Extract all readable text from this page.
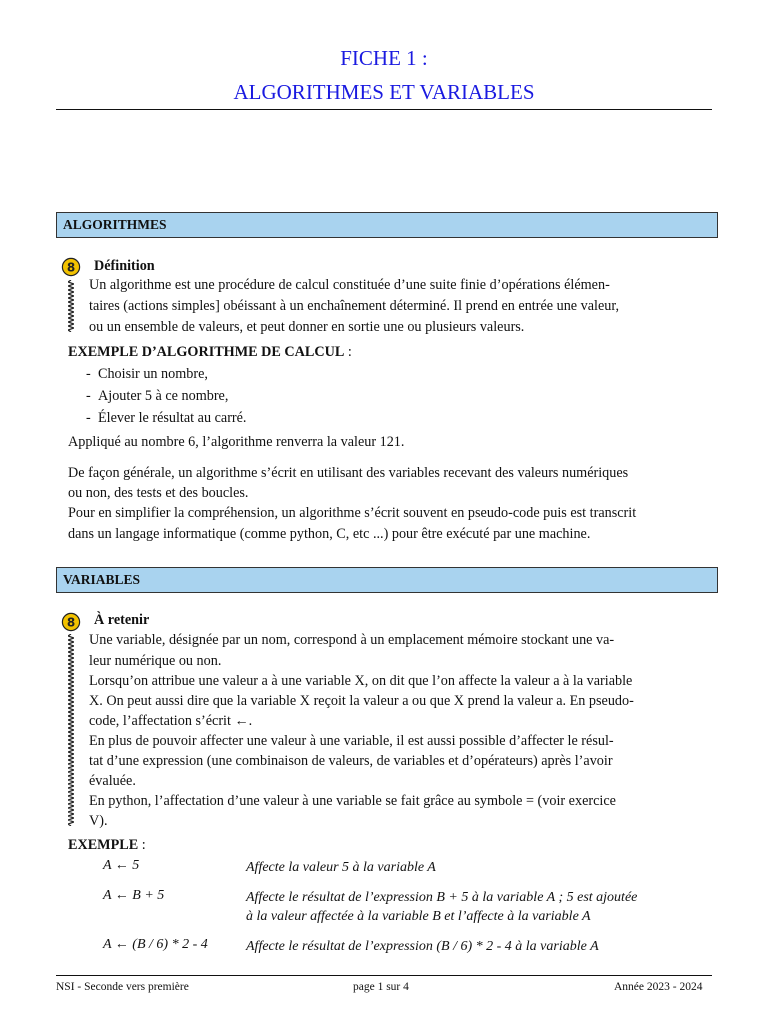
FICHE 1 :
ALGORITHMES ET VARIABLES
ALGORITHMES
8 Définition
Un algorithme est une procédure de calcul constituée d’une suite finie d’opérations élémen-
taires (actions simples] obéissant à un enchaînement déterminé. Il prend en entrée une valeur,
ou un ensemble de valeurs, et peut donner en sortie une ou plusieurs valeurs.
EXEMPLE D’ALGORITHME DE CALCUL :
- Choisir un nombre,
- Ajouter 5 à ce nombre,
- Élever le résultat au carré.
Appliqué au nombre 6, l’algorithme renverra la valeur 121.
De façon générale, un algorithme s’écrit en utilisant des variables recevant des valeurs numériques
ou non, des tests et des boucles.
Pour en simplifier la compréhension, un algorithme s’écrit souvent en pseudo-code puis est transcrit
dans un langage informatique (comme python, C, etc ...) pour être exécuté par une machine.
VARIABLES
8 À retenir
Une variable, désignée par un nom, correspond à un emplacement mémoire stockant une va-
leur numérique ou non.
Lorsqu’on attribue une valeur a à une variable X, on dit que l’on affecte la valeur a à la variable
X. On peut aussi dire que la variable X reçoit la valeur a ou que X prend la valeur a. En pseudo-
code, l’affectation s’écrit ←.
En plus de pouvoir affecter une valeur à une variable, il est aussi possible d’affecter le résul-
tat d’une expression (une combinaison de valeurs, de variables et d’opérateurs) après l’avoir
évaluée.
En python, l’affectation d’une valeur à une variable se fait grâce au symbole = (voir exercice
V).
EXEMPLE :
A ← 5	Affecte la valeur 5 à la variable A
A ← B + 5	Affecte le résultat de l’expression B + 5 à la variable A ; 5 est ajoutée
à la valeur affectée à la variable B et l’affecte à la variable A
A ← (B / 6) * 2 - 4	Affecte le résultat de l’expression (B / 6) * 2 - 4 à la variable A
NSI - Seconde vers première	page 1 sur 4	Année 2023 - 2024
